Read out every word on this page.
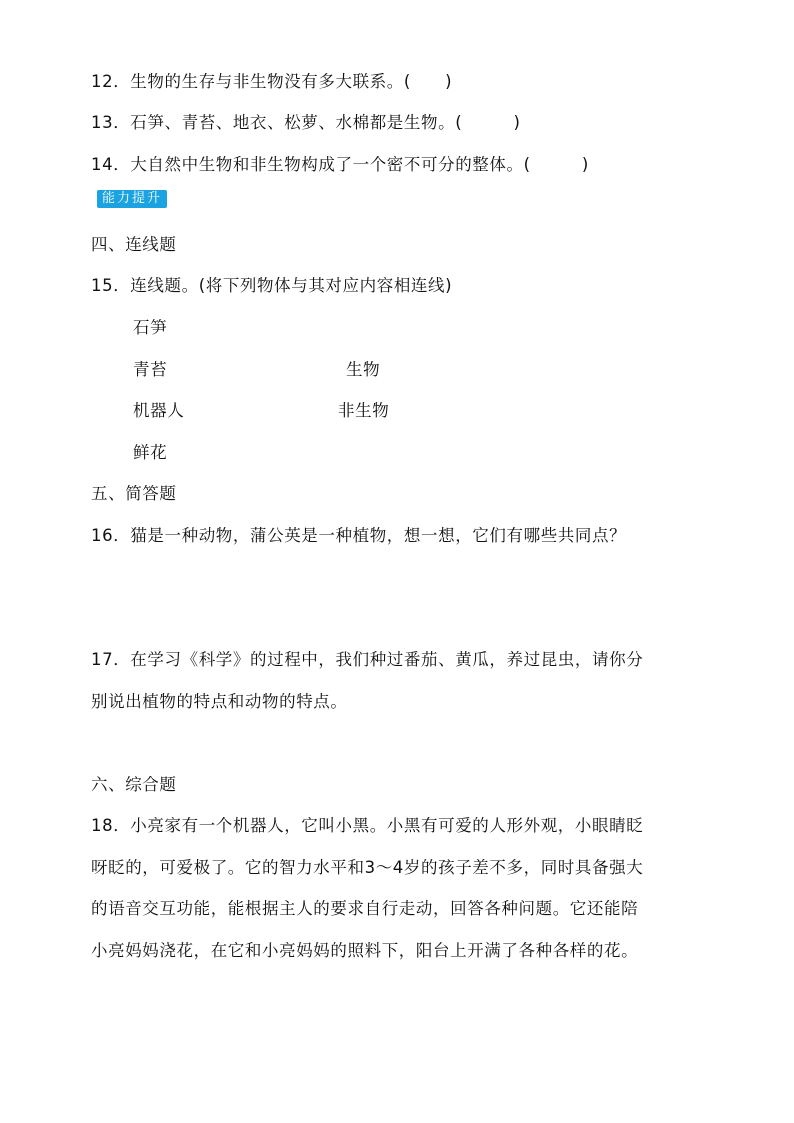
12．生物的生存与非生物没有多大联系。(　　)
13．石笋、青苔、地衣、松萝、水棉都是生物。(　　　)
14．大自然中生物和非生物构成了一个密不可分的整体。(　　　)
能力提升
四、连线题
15．连线题。(将下列物体与其对应内容相连线)
石笋
青苔
机器人
鲜花
生物
非生物
五、简答题
16．猫是一种动物，蒲公英是一种植物，想一想，它们有哪些共同点？
17．在学习《科学》的过程中，我们种过番茄、黄瓜，养过昆虫，请你分
别说出植物的特点和动物的特点。
六、综合题
18．小亮家有一个机器人，它叫小黑。小黑有可爱的人形外观，小眼睛眨
呀眨的，可爱极了。它的智力水平和3～4岁的孩子差不多，同时具备强大
的语音交互功能，能根据主人的要求自行走动，回答各种问题。它还能陪
小亮妈妈浇花，在它和小亮妈妈的照料下，阳台上开满了各种各样的花。
